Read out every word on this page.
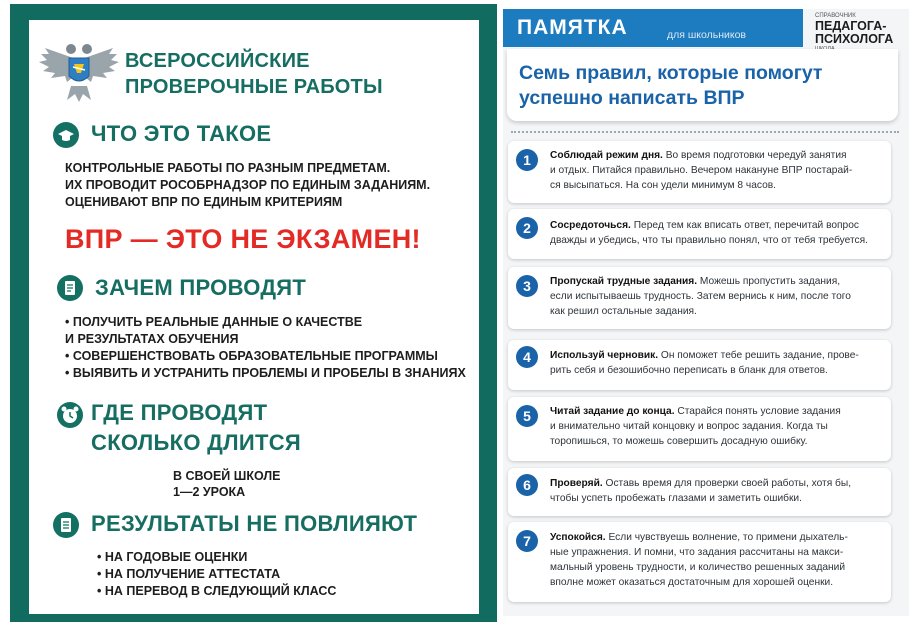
ВСЕРОССИЙСКИЕ
ПРОВЕРОЧНЫЕ РАБОТЫ
ЧТО ЭТО ТАКОЕ
КОНТРОЛЬНЫЕ РАБОТЫ ПО РАЗНЫМ ПРЕДМЕТАМ.
ИХ ПРОВОДИТ РОСОБРНАДЗОР ПО ЕДИНЫМ ЗАДАНИЯМ.
ОЦЕНИВАЮТ ВПР ПО ЕДИНЫМ КРИТЕРИЯМ
ВПР — ЭТО НЕ ЭКЗАМЕН!
ЗАЧЕМ ПРОВОДЯТ
• ПОЛУЧИТЬ РЕАЛЬНЫЕ ДАННЫЕ О КАЧЕСТВЕ
И РЕЗУЛЬТАТАХ ОБУЧЕНИЯ
• СОВЕРШЕНСТВОВАТЬ ОБРАЗОВАТЕЛЬНЫЕ ПРОГРАММЫ
• ВЫЯВИТЬ И УСТРАНИТЬ ПРОБЛЕМЫ И ПРОБЕЛЫ В ЗНАНИЯХ
ГДЕ ПРОВОДЯТ
СКОЛЬКО ДЛИТСЯ
В СВОЕЙ ШКОЛЕ
1—2 УРОКА
РЕЗУЛЬТАТЫ НЕ ПОВЛИЯЮТ
• НА ГОДОВЫЕ ОЦЕНКИ
• НА ПОЛУЧЕНИЕ АТТЕСТАТА
• НА ПЕРЕВОД В СЛЕДУЮЩИЙ КЛАСС
ПАМЯТКА	для школьников
СПРАВОЧНИК
ПЕДАГОГА-
ПСИХОЛОГА
Семь правил, которые помогут
успешно написать ВПР
1	Соблюдай режим дня. Во время подготовки чередуй занятия
и отдых. Питайся правильно. Вечером накануне ВПР постарай-
ся высыпаться. На сон удели минимум 8 часов.
2	Сосредоточься. Перед тем как вписать ответ, перечитай вопрос
дважды и убедись, что ты правильно понял, что от тебя требуется.
3	Пропускай трудные задания. Можешь пропустить задания,
если испытываешь трудность. Затем вернись к ним, после того
как решил остальные задания.
4	Используй черновик. Он поможет тебе решить задание, прове-
рить себя и безошибочно переписать в бланк для ответов.
5	Читай задание до конца. Старайся понять условие задания
и внимательно читай концовку и вопрос задания. Когда ты
торопишься, то можешь совершить досадную ошибку.
6	Проверяй. Оставь время для проверки своей работы, хотя бы,
чтобы успеть пробежать глазами и заметить ошибки.
7	Успокойся. Если чувствуешь волнение, то примени дыхатель-
ные упражнения. И помни, что задания рассчитаны на макси-
мальный уровень трудности, и количество решенных заданий
вполне может оказаться достаточным для хорошей оценки.
